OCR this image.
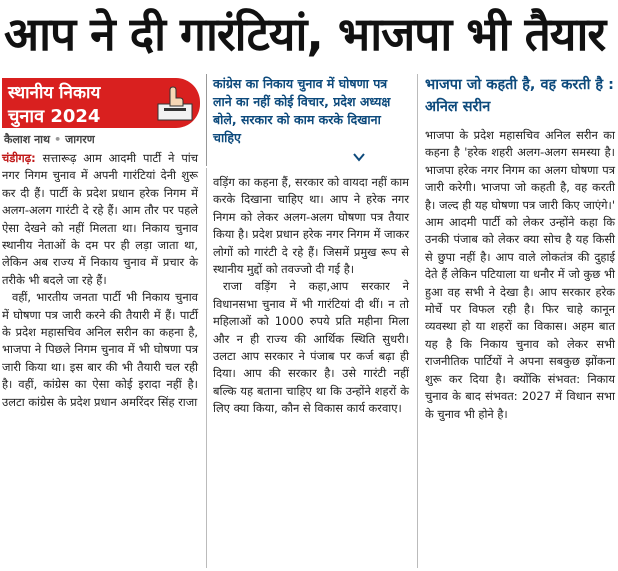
आप ने दी गारंटियां, भाजपा भी तैयार
स्थानीय निकाय
चुनाव 2024
कैलाश नाथ • जागरण
कांग्रेस का निकाय चुनाव में घोषणा पत्र लाने का नहीं कोई विचार, प्रदेश अध्यक्ष बोले, सरकार को काम करके दिखाना चाहिए
भाजपा जो कहती है, वह करती है : अनिल सरीन

चंडीगढ़: सत्तारूढ़ आम आदमी पार्टी ने पांच नगर निगम चुनाव में अपनी गारंटियां देनी शुरू कर दी हैं। पार्टी के प्रदेश प्रधान हरेक निगम में अलग-अलग गारंटी दे रहे हैं। आम तौर पर पहले ऐसा देखने को नहीं मिलता था। निकाय चुनाव स्थानीय नेताओं के दम पर ही लड़ा जाता था, लेकिन अब राज्य में निकाय चुनाव में प्रचार के तरीके भी बदले जा रहे हैं।

वहीं, भारतीय जनता पार्टी भी निकाय चुनाव में घोषणा पत्र जारी करने की तैयारी में हैं। पार्टी के प्रदेश महासचिव अनिल सरीन का कहना है, भाजपा ने पिछले निगम चुनाव में भी घोषणा पत्र जारी किया था। इस बार की भी तैयारी चल रही है। वहीं, कांग्रेस का ऐसा कोई इरादा नहीं है। उलटा कांग्रेस के प्रदेश प्रधान अमरिंदर सिंह राजा

वड़िंग का कहना हैं, सरकार को वायदा नहीं काम करके दिखाना चाहिए था। आप ने हरेक नगर निगम को लेकर अलग-अलग घोषणा पत्र तैयार किया है। प्रदेश प्रधान हरेक नगर निगम में जाकर लोगों को गारंटी दे रहे हैं। जिसमें प्रमुख रूप से स्थानीय मुद्दों को तवज्जो दी गई है।

राजा वड़िंग ने कहा,आप सरकार ने विधानसभा चुनाव में भी गारंटियां दी थीं। न तो महिलाओं को 1000 रुपये प्रति महीना मिला और न ही राज्य की आर्थिक स्थिति सुधरी। उलटा आप सरकार ने पंजाब पर कर्ज बढ़ा ही दिया। आप की सरकार है। उसे गारंटी नहीं बल्कि यह बताना चाहिए था कि उन्होंने शहरों के लिए क्या किया, कौन से विकास कार्य करवाए।

भाजपा के प्रदेश महासचिव अनिल सरीन का कहना है 'हरेक शहरी अलग-अलग समस्या है। भाजपा हरेक नगर निगम का अलग घोषणा पत्र जारी करेगी। भाजपा जो कहती है, वह करती है। जल्द ही यह घोषणा पत्र जारी किए जाएंगे।' आम आदमी पार्टी को लेकर उन्होंने कहा कि उनकी पंजाब को लेकर क्या सोच है यह किसी से छुपा नहीं है। आप वाले लोकतंत्र की दुहाई देते हैं लेकिन पटियाला या धनौर में जो कुछ भी हुआ वह सभी ने देखा है। आप सरकार हरेक मोर्चे पर विफल रही है। फिर चाहे कानून व्यवस्था हो या शहरों का विकास। अहम बात यह है कि निकाय चुनाव को लेकर सभी राजनीतिक पार्टियों ने अपना सबकुछ झोंकना शुरू कर दिया है। क्योंकि संभवत: निकाय चुनाव के बाद संभवत: 2027 में विधान सभा के चुनाव भी होने है।
